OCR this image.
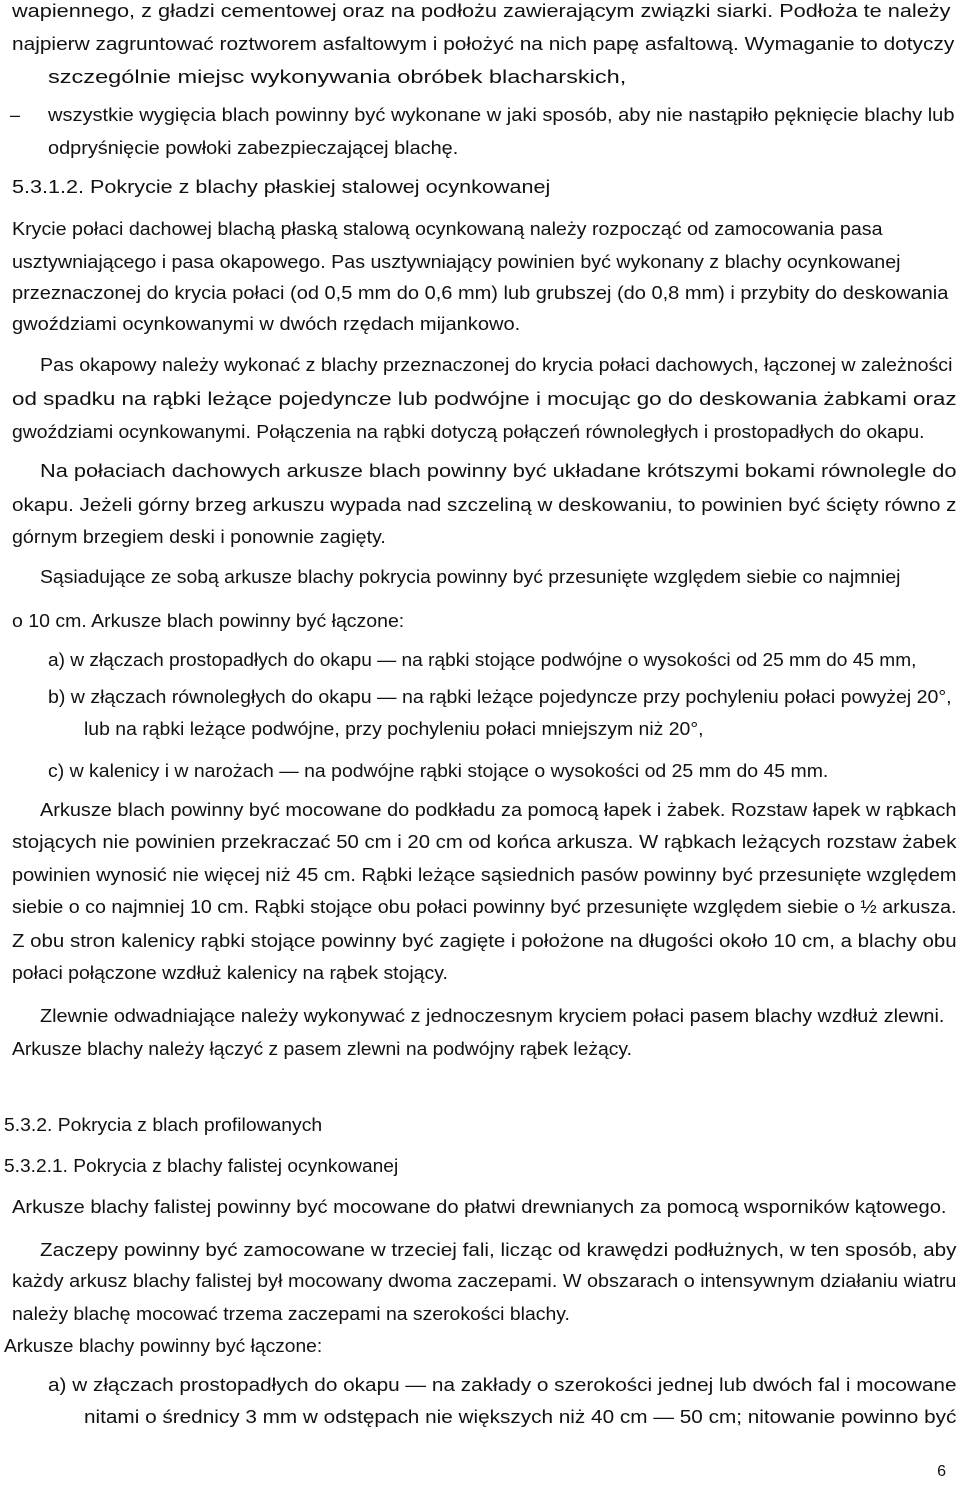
wapiennego, z gładzi cementowej oraz na podłożu zawierającym związki siarki. Podłoża te należy
najpierw zagruntować roztworem asfaltowym i położyć na nich papę asfaltową. Wymaganie to dotyczy
szczególnie miejsc wykonywania obróbek blacharskich,
– wszystkie wygięcia blach powinny być wykonane w jaki sposób, aby nie nastąpiło pęknięcie blachy lub
odpryśnięcie powłoki zabezpieczającej blachę.
5.3.1.2. Pokrycie z blachy płaskiej stalowej ocynkowanej
Krycie połaci dachowej blachą płaską stalową ocynkowaną należy rozpocząć od zamocowania pasa
usztywniającego i pasa okapowego. Pas usztywniający powinien być wykonany z blachy ocynkowanej
przeznaczonej do krycia połaci (od 0,5 mm do 0,6 mm) lub grubszej (do 0,8 mm) i przybity do deskowania
gwoździami ocynkowanymi w dwóch rzędach mijankowo.
Pas okapowy należy wykonać z blachy przeznaczonej do krycia połaci dachowych, łączonej w zależności
od spadku na rąbki leżące pojedyncze lub podwójne i mocując go do deskowania żabkami oraz
gwoździami ocynkowanymi. Połączenia na rąbki dotyczą połączeń równoległych i prostopadłych do okapu.
Na połaciach dachowych arkusze blach powinny być układane krótszymi bokami równolegle do
okapu. Jeżeli górny brzeg arkuszu wypada nad szczeliną w deskowaniu, to powinien być ścięty równo z
górnym brzegiem deski i ponownie zagięty.
Sąsiadujące ze sobą arkusze blachy pokrycia powinny być przesunięte względem siebie co najmniej
o 10 cm. Arkusze blach powinny być łączone:
a) w złączach prostopadłych do okapu — na rąbki stojące podwójne o wysokości od 25 mm do 45 mm,
b) w złączach równoległych do okapu — na rąbki leżące pojedyncze przy pochyleniu połaci powyżej 20°,
lub na rąbki leżące podwójne, przy pochyleniu połaci mniejszym niż 20°,
c) w kalenicy i w narożach — na podwójne rąbki stojące o wysokości od 25 mm do 45 mm.
Arkusze blach powinny być mocowane do podkładu za pomocą łapek i żabek. Rozstaw łapek w rąbkach
stojących nie powinien przekraczać 50 cm i 20 cm od końca arkusza. W rąbkach leżących rozstaw żabek
powinien wynosić nie więcej niż 45 cm. Rąbki leżące sąsiednich pasów powinny być przesunięte względem
siebie o co najmniej 10 cm. Rąbki stojące obu połaci powinny być przesunięte względem siebie o ½ arkusza.
Z obu stron kalenicy rąbki stojące powinny być zagięte i położone na długości około 10 cm, a blachy obu
połaci połączone wzdłuż kalenicy na rąbek stojący.
Zlewnie odwadniające należy wykonywać z jednoczesnym kryciem połaci pasem blachy wzdłuż zlewni.
Arkusze blachy należy łączyć z pasem zlewni na podwójny rąbek leżący.
5.3.2. Pokrycia z blach profilowanych
5.3.2.1. Pokrycia z blachy falistej ocynkowanej
Arkusze blachy falistej powinny być mocowane do płatwi drewnianych za pomocą wsporników kątowego.
Zaczepy powinny być zamocowane w trzeciej fali, licząc od krawędzi podłużnych, w ten sposób, aby
każdy arkusz blachy falistej był mocowany dwoma zaczepami. W obszarach o intensywnym działaniu wiatru
należy blachę mocować trzema zaczepami na szerokości blachy.
Arkusze blachy powinny być łączone:
a) w złączach prostopadłych do okapu — na zakłady o szerokości jednej lub dwóch fal i mocowane
nitami o średnicy 3 mm w odstępach nie większych niż 40 cm — 50 cm; nitowanie powinno być
6
